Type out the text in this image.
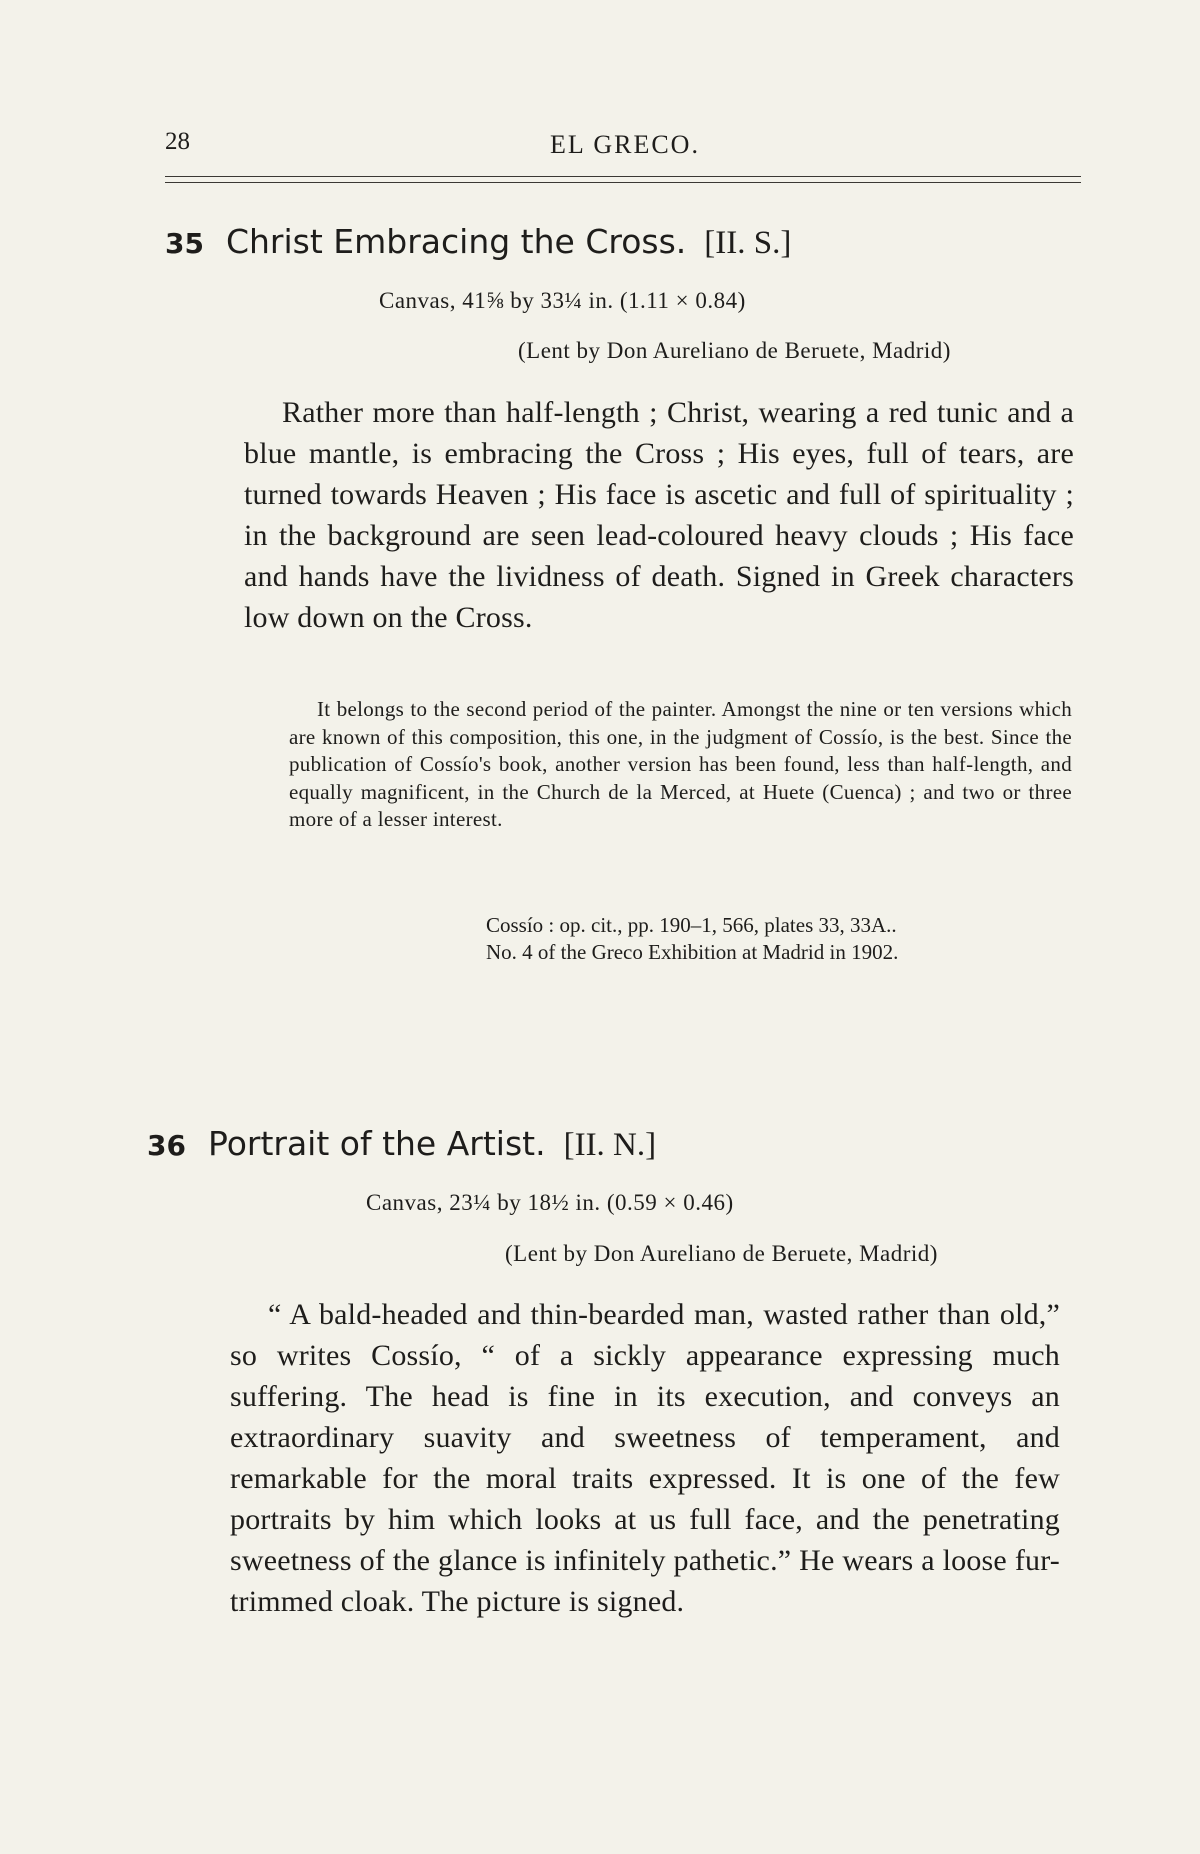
28	EL GRECO.
35 Christ Embracing the Cross. [II. S.]
Canvas, 41⅝ by 33¼ in. (1.11 × 0.84)
(Lent by Don Aureliano de Beruete, Madrid)

Rather more than half-length ; Christ, wearing a red tunic and a blue mantle, is embracing the Cross ; His eyes, full of tears, are turned towards Heaven ; His face is ascetic and full of spirituality ; in the background are seen lead-coloured heavy clouds ; His face and hands have the lividness of death. Signed in Greek characters low down on the Cross.

It belongs to the second period of the painter. Amongst the nine or ten versions which are known of this composition, this one, in the judgment of Cossío, is the best. Since the publication of Cossío's book, another version has been found, less than half-length, and equally magnificent, in the Church de la Merced, at Huete (Cuenca) ; and two or three more of a lesser interest.

Cossío : op. cit., pp. 190–1, 566, plates 33, 33A..
No. 4 of the Greco Exhibition at Madrid in 1902.
36 Portrait of the Artist. [II. N.]
Canvas, 23¼ by 18½ in. (0.59 × 0.46)
(Lent by Don Aureliano de Beruete, Madrid)

“ A bald-headed and thin-bearded man, wasted rather than old,” so writes Cossío, “ of a sickly appearance expressing much suffering. The head is fine in its execution, and conveys an extraordinary suavity and sweetness of temperament, and remarkable for the moral traits expressed. It is one of the few portraits by him which looks at us full face, and the penetrating sweetness of the glance is infinitely pathetic.” He wears a loose fur-trimmed cloak. The picture is signed.
